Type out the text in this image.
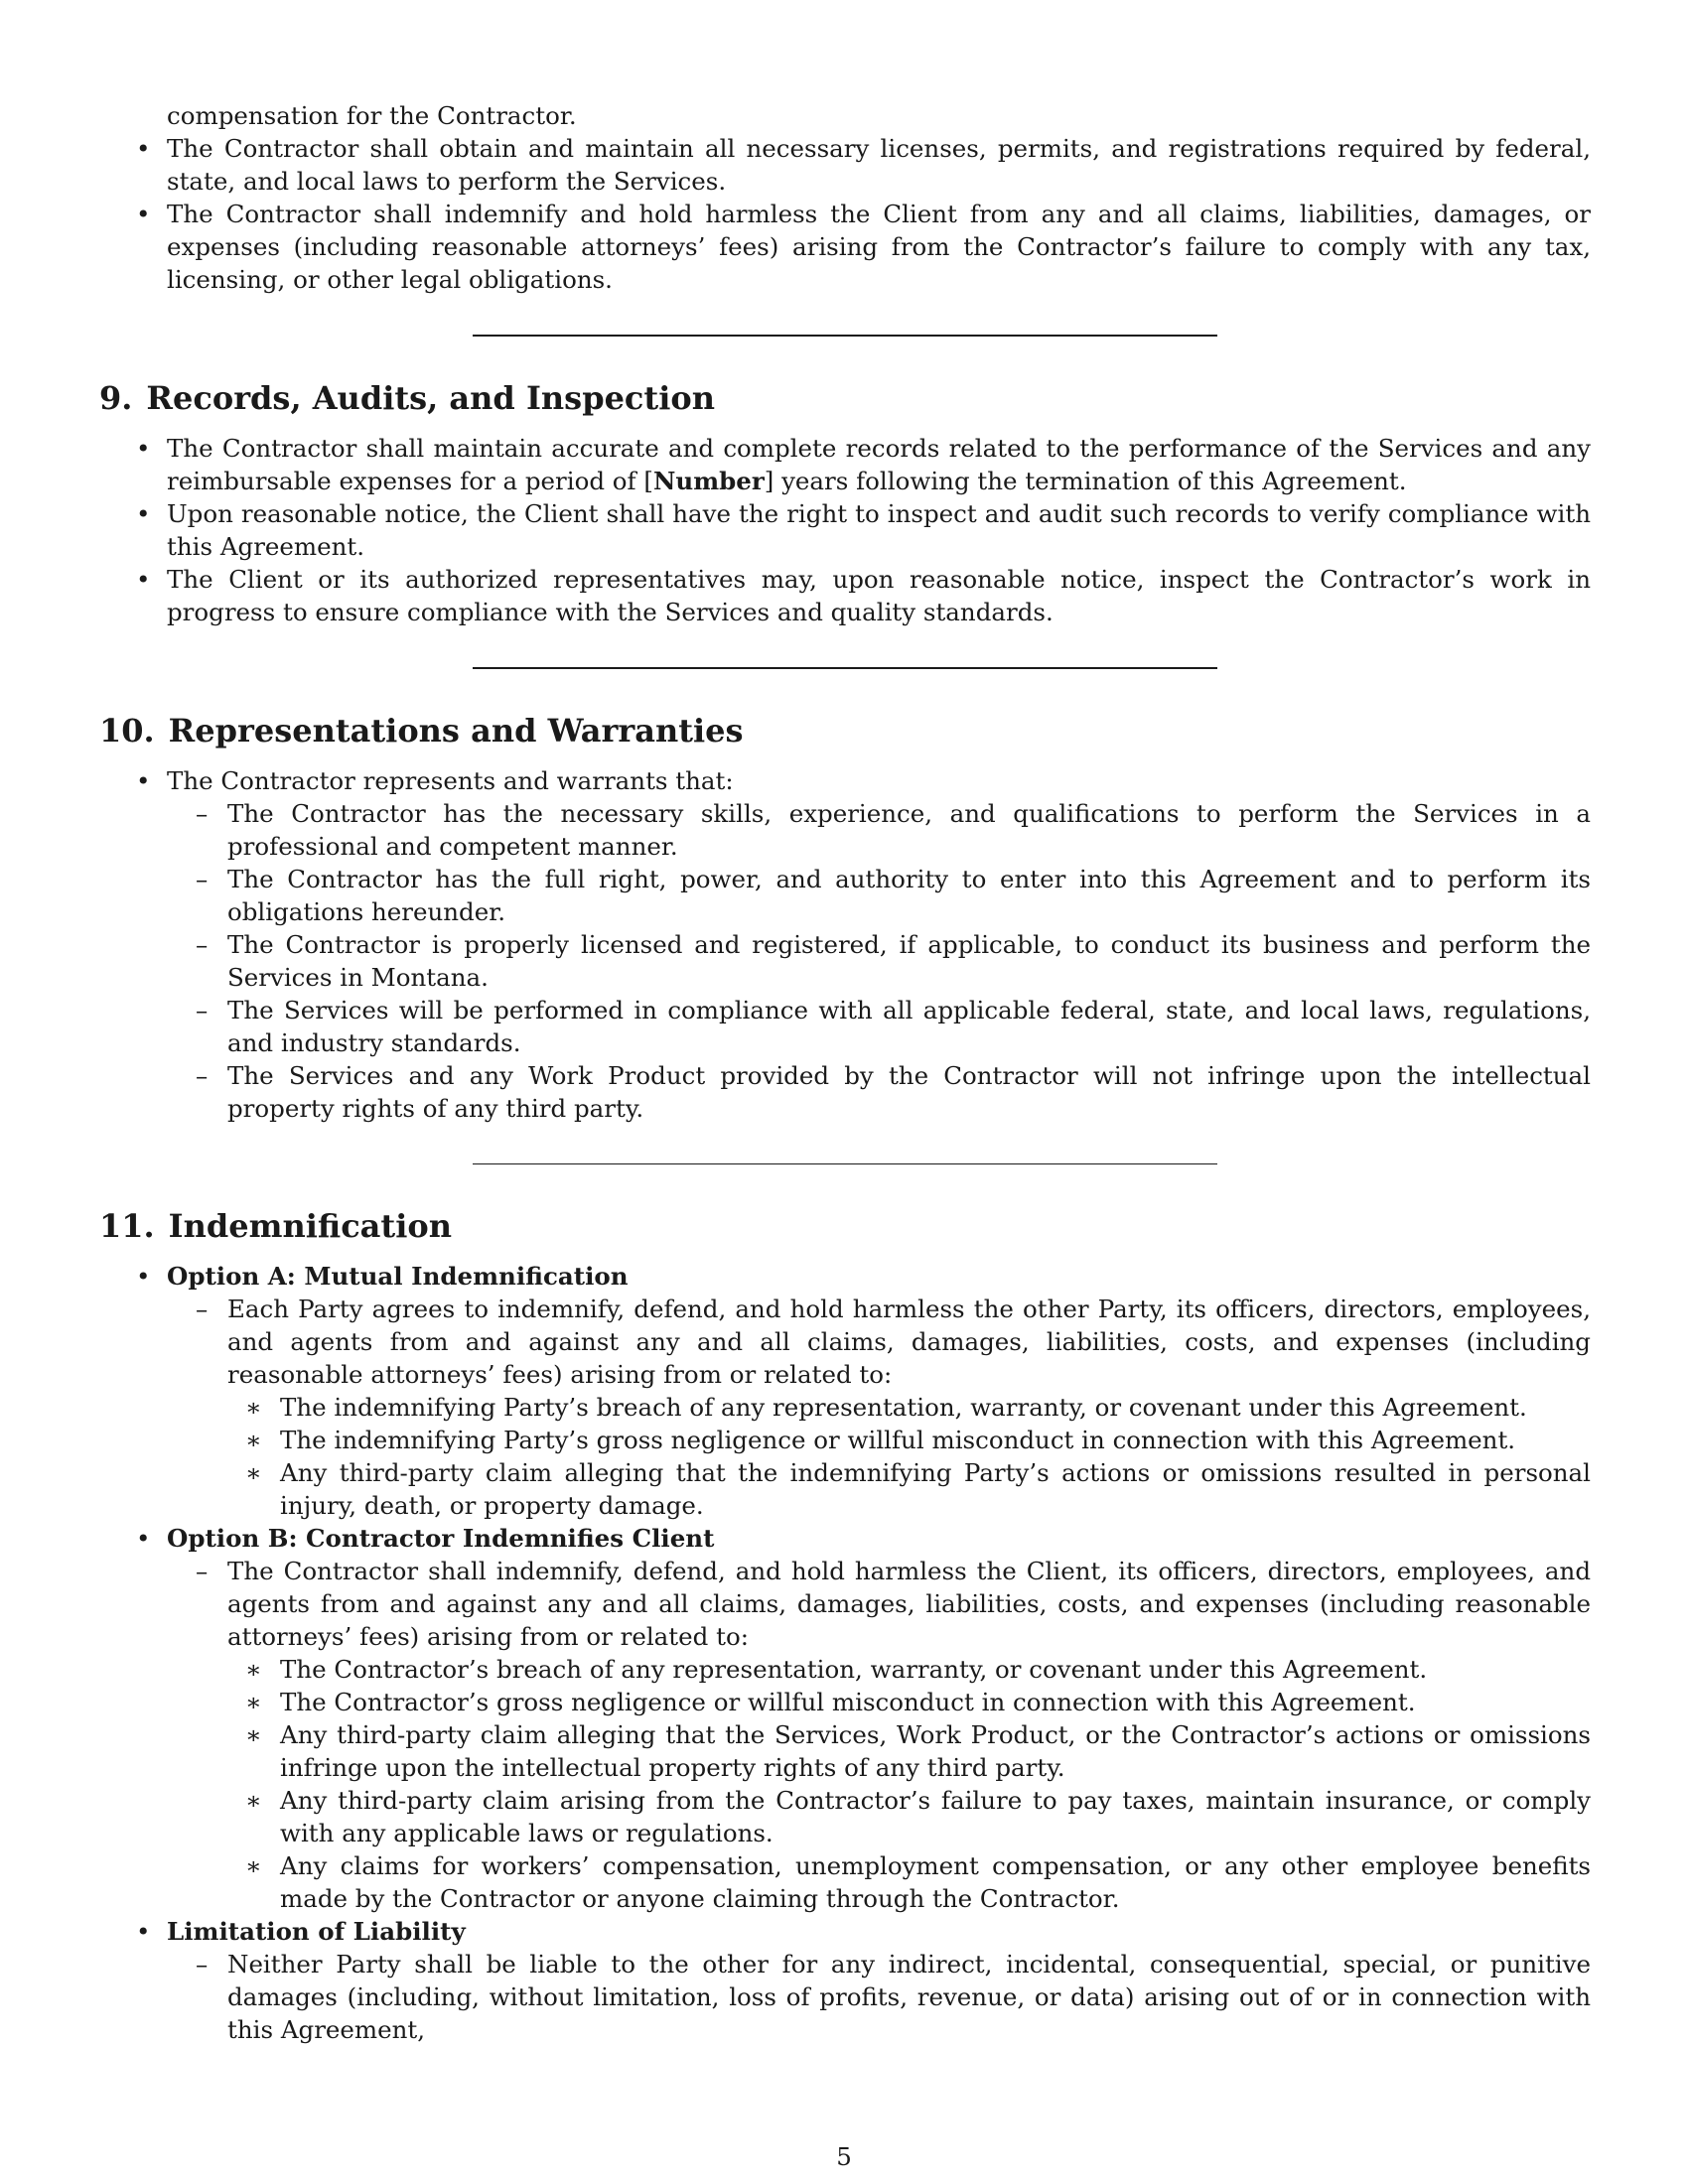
compensation for the Contractor.

• The Contractor shall obtain and maintain all necessary licenses, permits, and registrations required by federal, state, and local laws to perform the Services.
• The Contractor shall indemnify and hold harmless the Client from any and all claims, liabilities, damages, or expenses (including reasonable attorneys’ fees) arising from the Contractor’s failure to comply with any tax, licensing, or other legal obligations.
9. Records, Audits, and Inspection
• The Contractor shall maintain accurate and complete records related to the performance of the Services and any reimbursable expenses for a period of [Number] years following the termination of this Agreement.
• Upon reasonable notice, the Client shall have the right to inspect and audit such records to verify compliance with this Agreement.
• The Client or its authorized representatives may, upon reasonable notice, inspect the Contractor’s work in progress to ensure compliance with the Services and quality standards.
10. Representations and Warranties
• The Contractor represents and warrants that:
– The Contractor has the necessary skills, experience, and qualifications to perform the Services in a professional and competent manner.
– The Contractor has the full right, power, and authority to enter into this Agreement and to perform its obligations hereunder.
– The Contractor is properly licensed and registered, if applicable, to conduct its business and perform the Services in Montana.
– The Services will be performed in compliance with all applicable federal, state, and local laws, regulations, and industry standards.
– The Services and any Work Product provided by the Contractor will not infringe upon the intellectual property rights of any third party.
11. Indemnification
• Option A: Mutual Indemnification
– Each Party agrees to indemnify, defend, and hold harmless the other Party, its officers, directors, employees, and agents from and against any and all claims, damages, liabilities, costs, and expenses (including reasonable attorneys’ fees) arising from or related to:
∗ The indemnifying Party’s breach of any representation, warranty, or covenant under this Agreement.
∗ The indemnifying Party’s gross negligence or willful misconduct in connection with this Agreement.
∗ Any third-party claim alleging that the indemnifying Party’s actions or omissions resulted in personal injury, death, or property damage.
• Option B: Contractor Indemnifies Client
– The Contractor shall indemnify, defend, and hold harmless the Client, its officers, directors, employees, and agents from and against any and all claims, damages, liabilities, costs, and expenses (including reasonable attorneys’ fees) arising from or related to:
∗ The Contractor’s breach of any representation, warranty, or covenant under this Agreement.
∗ The Contractor’s gross negligence or willful misconduct in connection with this Agreement.
∗ Any third-party claim alleging that the Services, Work Product, or the Contractor’s actions or omissions infringe upon the intellectual property rights of any third party.
∗ Any third-party claim arising from the Contractor’s failure to pay taxes, maintain insurance, or comply with any applicable laws or regulations.
∗ Any claims for workers’ compensation, unemployment compensation, or any other employee benefits made by the Contractor or anyone claiming through the Contractor.
• Limitation of Liability
– Neither Party shall be liable to the other for any indirect, incidental, consequential, special, or punitive damages (including, without limitation, loss of profits, revenue, or data) arising out of or in connection with this Agreement,
5
